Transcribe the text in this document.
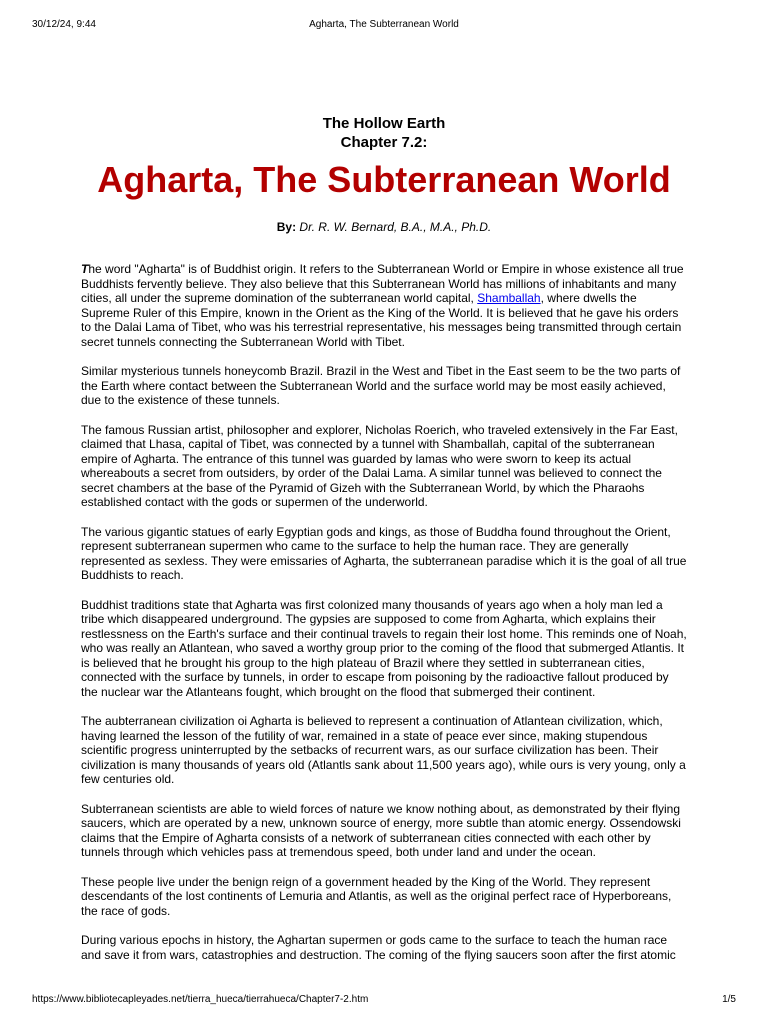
30/12/24, 9:44	Agharta, The Subterranean World

The Hollow Earth

Chapter 7.2:

Agharta, The Subterranean World
By: Dr. R. W. Bernard, B.A., M.A., Ph.D.

The word "Agharta" is of Buddhist origin. It refers to the Subterranean World or Empire in whose existence all true Buddhists fervently believe. They also believe that this Subterranean World has millions of inhabitants and many cities, all under the supreme domination of the subterranean world capital, Shamballah, where dwells the Supreme Ruler of this Empire, known in the Orient as the King of the World. It is believed that he gave his orders to the Dalai Lama of Tibet, who was his terrestrial representative, his messages being transmitted through certain secret tunnels connecting the Subterranean World with Tibet.

Similar mysterious tunnels honeycomb Brazil. Brazil in the West and Tibet in the East seem to be the two parts of the Earth where contact between the Subterranean World and the surface world may be most easily achieved, due to the existence of these tunnels.

The famous Russian artist, philosopher and explorer, Nicholas Roerich, who traveled extensively in the Far East, claimed that Lhasa, capital of Tibet, was connected by a tunnel with Shamballah, capital of the subterranean empire of Agharta. The entrance of this tunnel was guarded by lamas who were sworn to keep its actual whereabouts a secret from outsiders, by order of the Dalai Lama. A similar tunnel was believed to connect the secret chambers at the base of the Pyramid of Gizeh with the Subterranean World, by which the Pharaohs established contact with the gods or supermen of the underworld.

The various gigantic statues of early Egyptian gods and kings, as those of Buddha found throughout the Orient, represent subterranean supermen who came to the surface to help the human race. They are generally represented as sexless. They were emissaries of Agharta, the subterranean paradise which it is the goal of all true Buddhists to reach.

Buddhist traditions state that Agharta was first colonized many thousands of years ago when a holy man led a tribe which disappeared underground. The gypsies are supposed to come from Agharta, which explains their restlessness on the Earth's surface and their continual travels to regain their lost home. This reminds one of Noah, who was really an Atlantean, who saved a worthy group prior to the coming of the flood that submerged Atlantis. It is believed that he brought his group to the high plateau of Brazil where they settled in subterranean cities, connected with the surface by tunnels, in order to escape from poisoning by the radioactive fallout produced by the nuclear war the Atlanteans fought, which brought on the flood that submerged their continent.

The aubterranean civilization oi Agharta is believed to represent a continuation of Atlantean civilization, which, having learned the lesson of the futility of war, remained in a state of peace ever since, making stupendous scientific progress uninterrupted by the setbacks of recurrent wars, as our surface civilization has been. Their civilization is many thousands of years old (Atlantls sank about 11,500 years ago), while ours is very young, only a few centuries old.

Subterranean scientists are able to wield forces of nature we know nothing about, as demonstrated by their flying saucers, which are operated by a new, unknown source of energy, more subtle than atomic energy. Ossendowski claims that the Empire of Agharta consists of a network of subterranean cities connected with each other by tunnels through which vehicles pass at tremendous speed, both under land and under the ocean.

These people live under the benign reign of a government headed by the King of the World. They represent descendants of the lost continents of Lemuria and Atlantis, as well as the original perfect race of Hyperboreans, the race of gods.

During various epochs in history, the Aghartan supermen or gods came to the surface to teach the human race and save it from wars, catastrophies and destruction. The coming of the flying saucers soon after the first atomic

https://www.bibliotecapleyades.net/tierra_hueca/tierrahueca/Chapter7-2.htm	1/5
